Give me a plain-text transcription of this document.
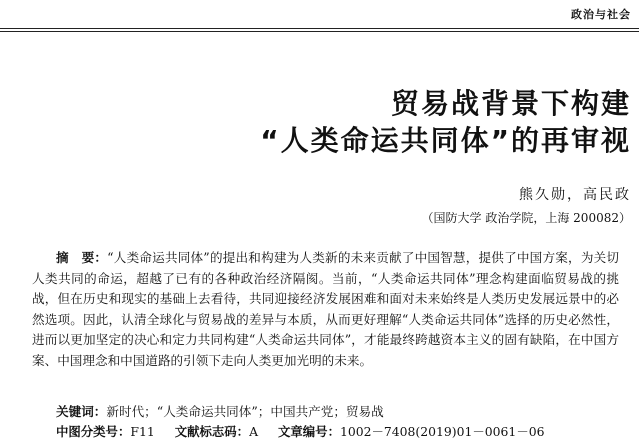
政治与社会
贸易战背景下构建
“人类命运共同体”的再审视
熊久勋，高民政
（国防大学 政治学院，上海 200082）
摘　要：“人类命运共同体”的提出和构建为人类新的未来贡献了中国智慧，提供了中国方案，为关切人类共同的命运，超越了已有的各种政治经济隔阂。当前，“人类命运共同体”理念构建面临贸易战的挑战，但在历史和现实的基础上去看待，共同迎接经济发展困难和面对未来始终是人类历史发展远景中的必然选项。因此，认清全球化与贸易战的差异与本质，从而更好理解“人类命运共同体”选择的历史必然性，进而以更加坚定的决心和定力共同构建“人类命运共同体”，才能最终跨越资本主义的固有缺陷，在中国方案、中国理念和中国道路的引领下走向人类更加光明的未来。
关键词：新时代；“人类命运共同体”；中国共产党；贸易战
中图分类号：F11 文献标志码：A 文章编号：1002－7408(2019)01－0061－06
